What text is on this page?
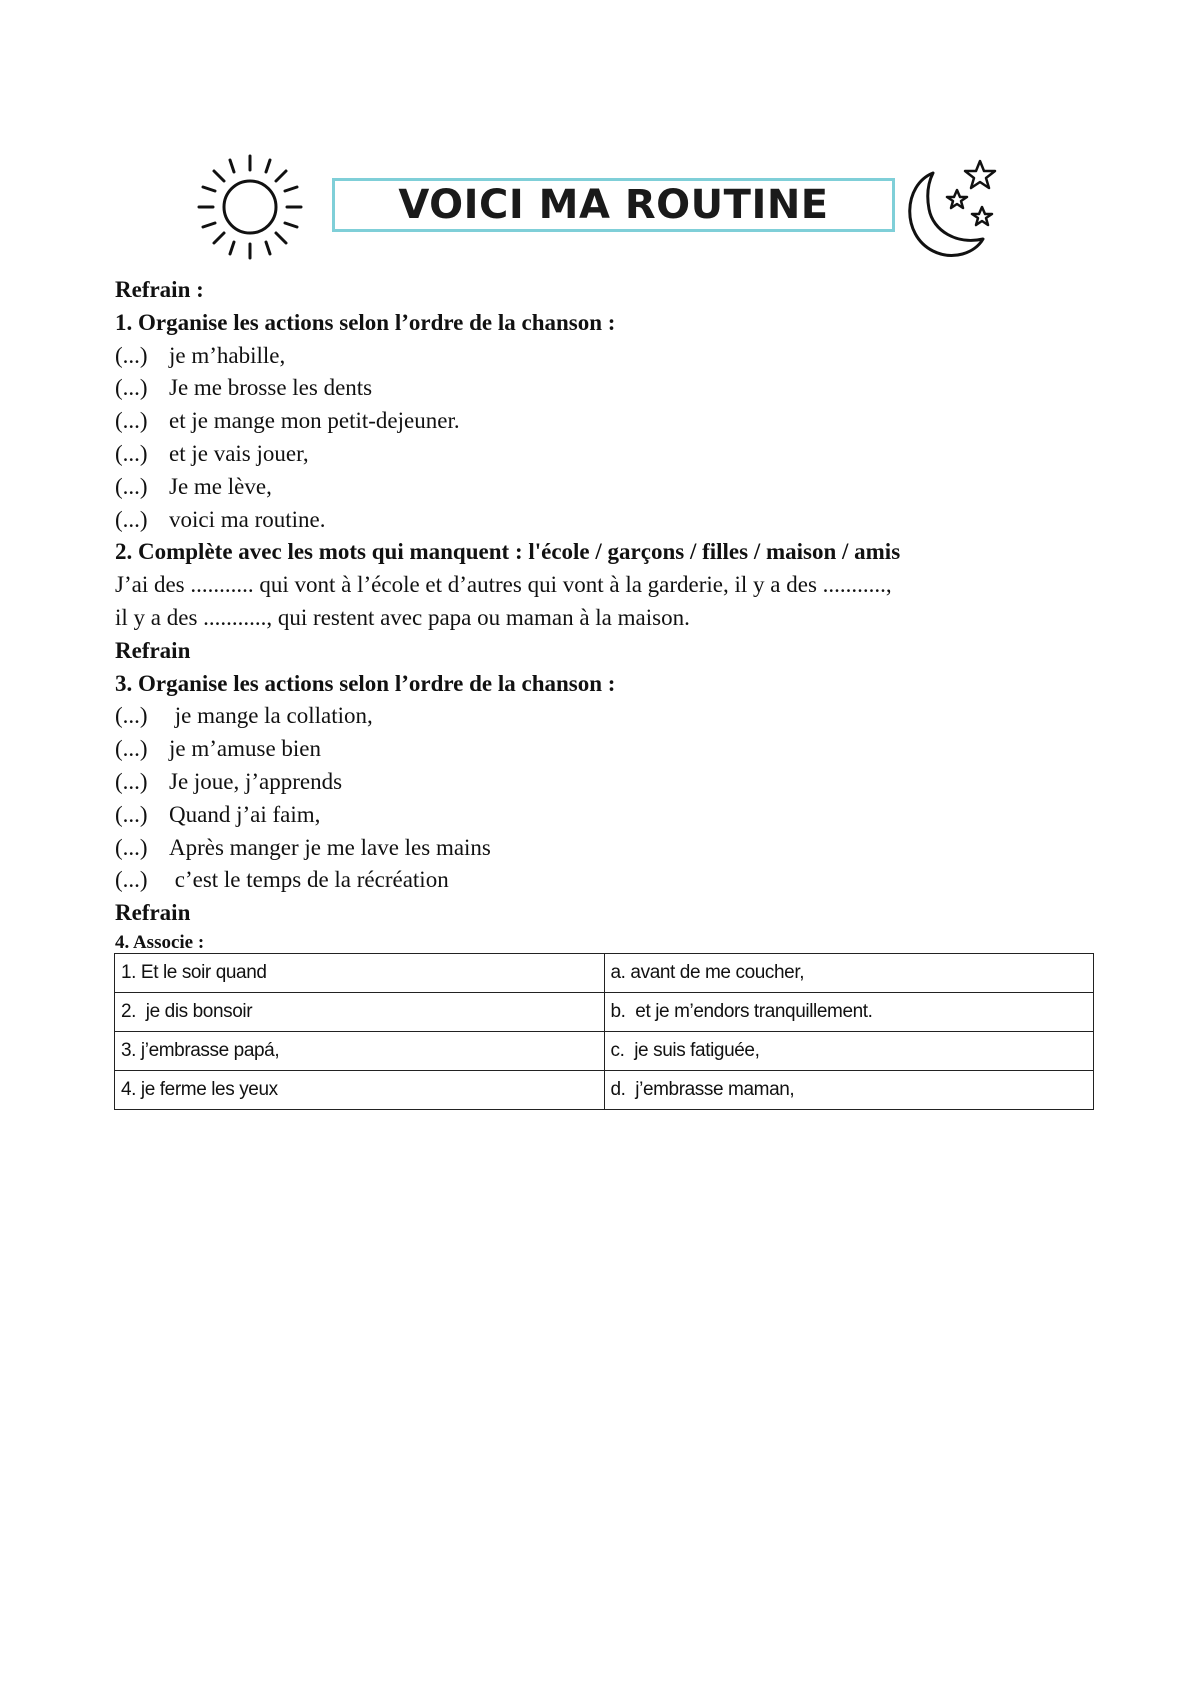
VOICI MA ROUTINE
Refrain :
1. Organise les actions selon l’ordre de la chanson :
(...) je m’habille,
(...) Je me brosse les dents
(...) et je mange mon petit-dejeuner.
(...) et je vais jouer,
(...) Je me lève,
(...) voici ma routine.
2. Complète avec les mots qui manquent : l'école / garçons / filles / maison / amis
J’ai des ........... qui vont à l’école et d’autres qui vont à la garderie, il y a des ...........,
il y a des ..........., qui restent avec papa ou maman à la maison.
Refrain
3. Organise les actions selon l’ordre de la chanson :
(...) je mange la collation,
(...) je m’amuse bien
(...) Je joue, j’apprends
(...) Quand j’ai faim,
(...) Après manger je me lave les mains
(...) c’est le temps de la récréation
Refrain
4. Associe :
1. Et le soir quand	a. avant de me coucher,
2.  je dis bonsoir	b.  et je m’endors tranquillement.
3. j’embrasse papá,	c.  je suis fatiguée,
4. je ferme les yeux	d.  j’embrasse maman,
